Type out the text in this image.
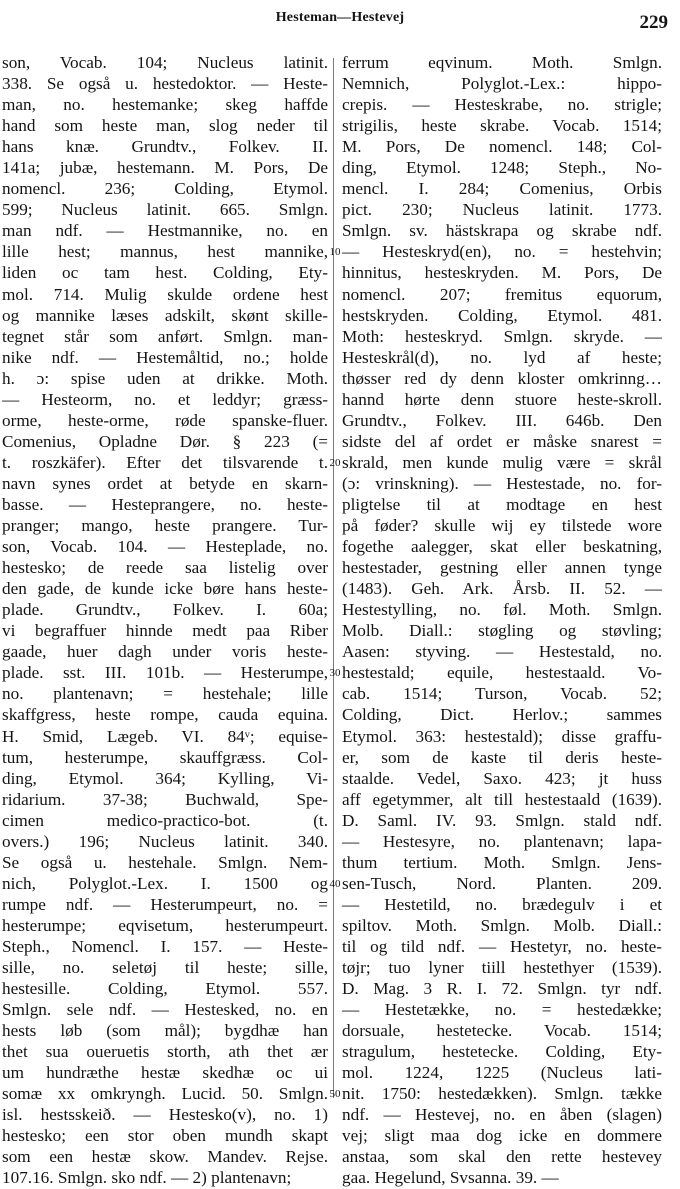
Hesteman—Hestevej	229
son, Vocab. 104; Nucleus latinit.
338. Se også u. hestedoktor. — Heste-
man, no. hestemanke; skeg haffde
hand som heste man, slog neder til
hans knæ. Grundtv., Folkev. II.
141a; jubæ, hestemann. M. Pors, De
nomencl. 236; Colding, Etymol.
599; Nucleus latinit. 665. Smlgn.
man ndf. — Hestmannike, no. en
lille hest; mannus, hest mannike,
liden oc tam hest. Colding, Ety-
mol. 714. Mulig skulde ordene hest
og mannike læses adskilt, skønt skille-
tegnet står som anført. Smlgn. man-
nike ndf. — Hestemåltid, no.; holde
h. ɔ: spise uden at drikke. Moth.
— Hesteorm, no. et leddyr; græss-
orme, heste-orme, røde spanske-fluer.
Comenius, Opladne Dør. § 223 (=
t. roszkäfer). Efter det tilsvarende t.
navn synes ordet at betyde en skarn-
basse. — Hesteprangere, no. heste-
pranger; mango, heste prangere. Tur-
son, Vocab. 104. — Hesteplade, no.
hestesko; de reede saa listelig over
den gade, de kunde icke børe hans heste-
plade. Grundtv., Folkev. I. 60a;
vi begraffuer hinnde medt paa Riber
gaade, huer dagh under voris heste-
plade. sst. III. 101b. — Hesterumpe,
no. plantenavn; = hestehale; lille
skaffgress, heste rompe, cauda equina.
H. Smid, Lægeb. VI. 84ᵛ; equise-
tum, hesterumpe, skauffgræss. Col-
ding, Etymol. 364; Kylling, Vi-
ridarium. 37-38; Buchwald, Spe-
cimen medico-practico-bot. (t.
overs.) 196; Nucleus latinit. 340.
Se også u. hestehale. Smlgn. Nem-
nich, Polyglot.-Lex. I. 1500 og
rumpe ndf. — Hesterumpeurt, no. =
hesterumpe; eqvisetum, hesterumpeurt.
Steph., Nomencl. I. 157. — Heste-
sille, no. seletøj til heste; sille,
hestesille. Colding, Etymol. 557.
Smlgn. sele ndf. — Hestesked, no. en
hests løb (som mål); bygdhæ han
thet sua oueruetis storth, ath thet ær
um hundræthe hestæ skedhæ oc ui
somæ xx omkryngh. Lucid. 50. Smlgn.
isl. hestsskeið. — Hestesko(v), no. 1)
hestesko; een stor oben mundh skapt
som een hestæ skow. Mandev. Rejse.
107.16. Smlgn. sko ndf. — 2) plantenavn;
ferrum eqvinum. Moth. Smlgn.
Nemnich, Polyglot.-Lex.: hippo-
crepis. — Hesteskrabe, no. strigle;
strigilis, heste skrabe. Vocab. 1514;
M. Pors, De nomencl. 148; Col-
ding, Etymol. 1248; Steph., No-
mencl. I. 284; Comenius, Orbis
pict. 230; Nucleus latinit. 1773.
Smlgn. sv. hästskrapa og skrabe ndf.
— Hesteskryd(en), no. = hestehvin;
hinnitus, hesteskryden. M. Pors, De
nomencl. 207; fremitus equorum,
hestskryden. Colding, Etymol. 481.
Moth: hesteskryd. Smlgn. skryde. —
Hesteskrål(d), no. lyd af heste;
thøsser red dy denn kloster omkrinng…
hannd hørte denn stuore heste-skroll.
Grundtv., Folkev. III. 646b. Den
sidste del af ordet er måske snarest =
skrald, men kunde mulig være = skrål
(ɔ: vrinskning). — Hestestade, no. for-
pligtelse til at modtage en hest
på føder? skulle wij ey tilstede wore
fogethe aalegger, skat eller beskatning,
hestestader, gestning eller annen tynge
(1483). Geh. Ark. Årsb. II. 52. —
Hestestylling, no. føl. Moth. Smlgn.
Molb. Diall.: støgling og støvling;
Aasen: styving. — Hestestald, no.
hestestald; equile, hestestaald. Vo-
cab. 1514; Turson, Vocab. 52;
Colding, Dict. Herlov.; sammes
Etymol. 363: hestestald); disse graffu-
er, som de kaste til deris heste-
staalde. Vedel, Saxo. 423; jt huss
aff egetymmer, alt till hestestaald (1639).
D. Saml. IV. 93. Smlgn. stald ndf.
— Hestesyre, no. plantenavn; lapa-
thum tertium. Moth. Smlgn. Jens-
sen-Tusch, Nord. Planten. 209.
— Hestetild, no. brædegulv i et
spiltov. Moth. Smlgn. Molb. Diall.:
til og tild ndf. — Hestetyr, no. heste-
tøjr; tuo lyner tiill hestethyer (1539).
D. Mag. 3 R. I. 72. Smlgn. tyr ndf.
— Hestetække, no. = hestedække;
dorsuale, hestetecke. Vocab. 1514;
stragulum, hestetecke. Colding, Ety-
mol. 1224, 1225 (Nucleus lati-
nit. 1750: hestedækken). Smlgn. tække
ndf. — Hestevej, no. en åben (slagen)
vej; sligt maa dog icke en dommere
anstaa, som skal den rette hestevey
gaa. Hegelund, Svsanna. 39. —
10
20
30
40
50
